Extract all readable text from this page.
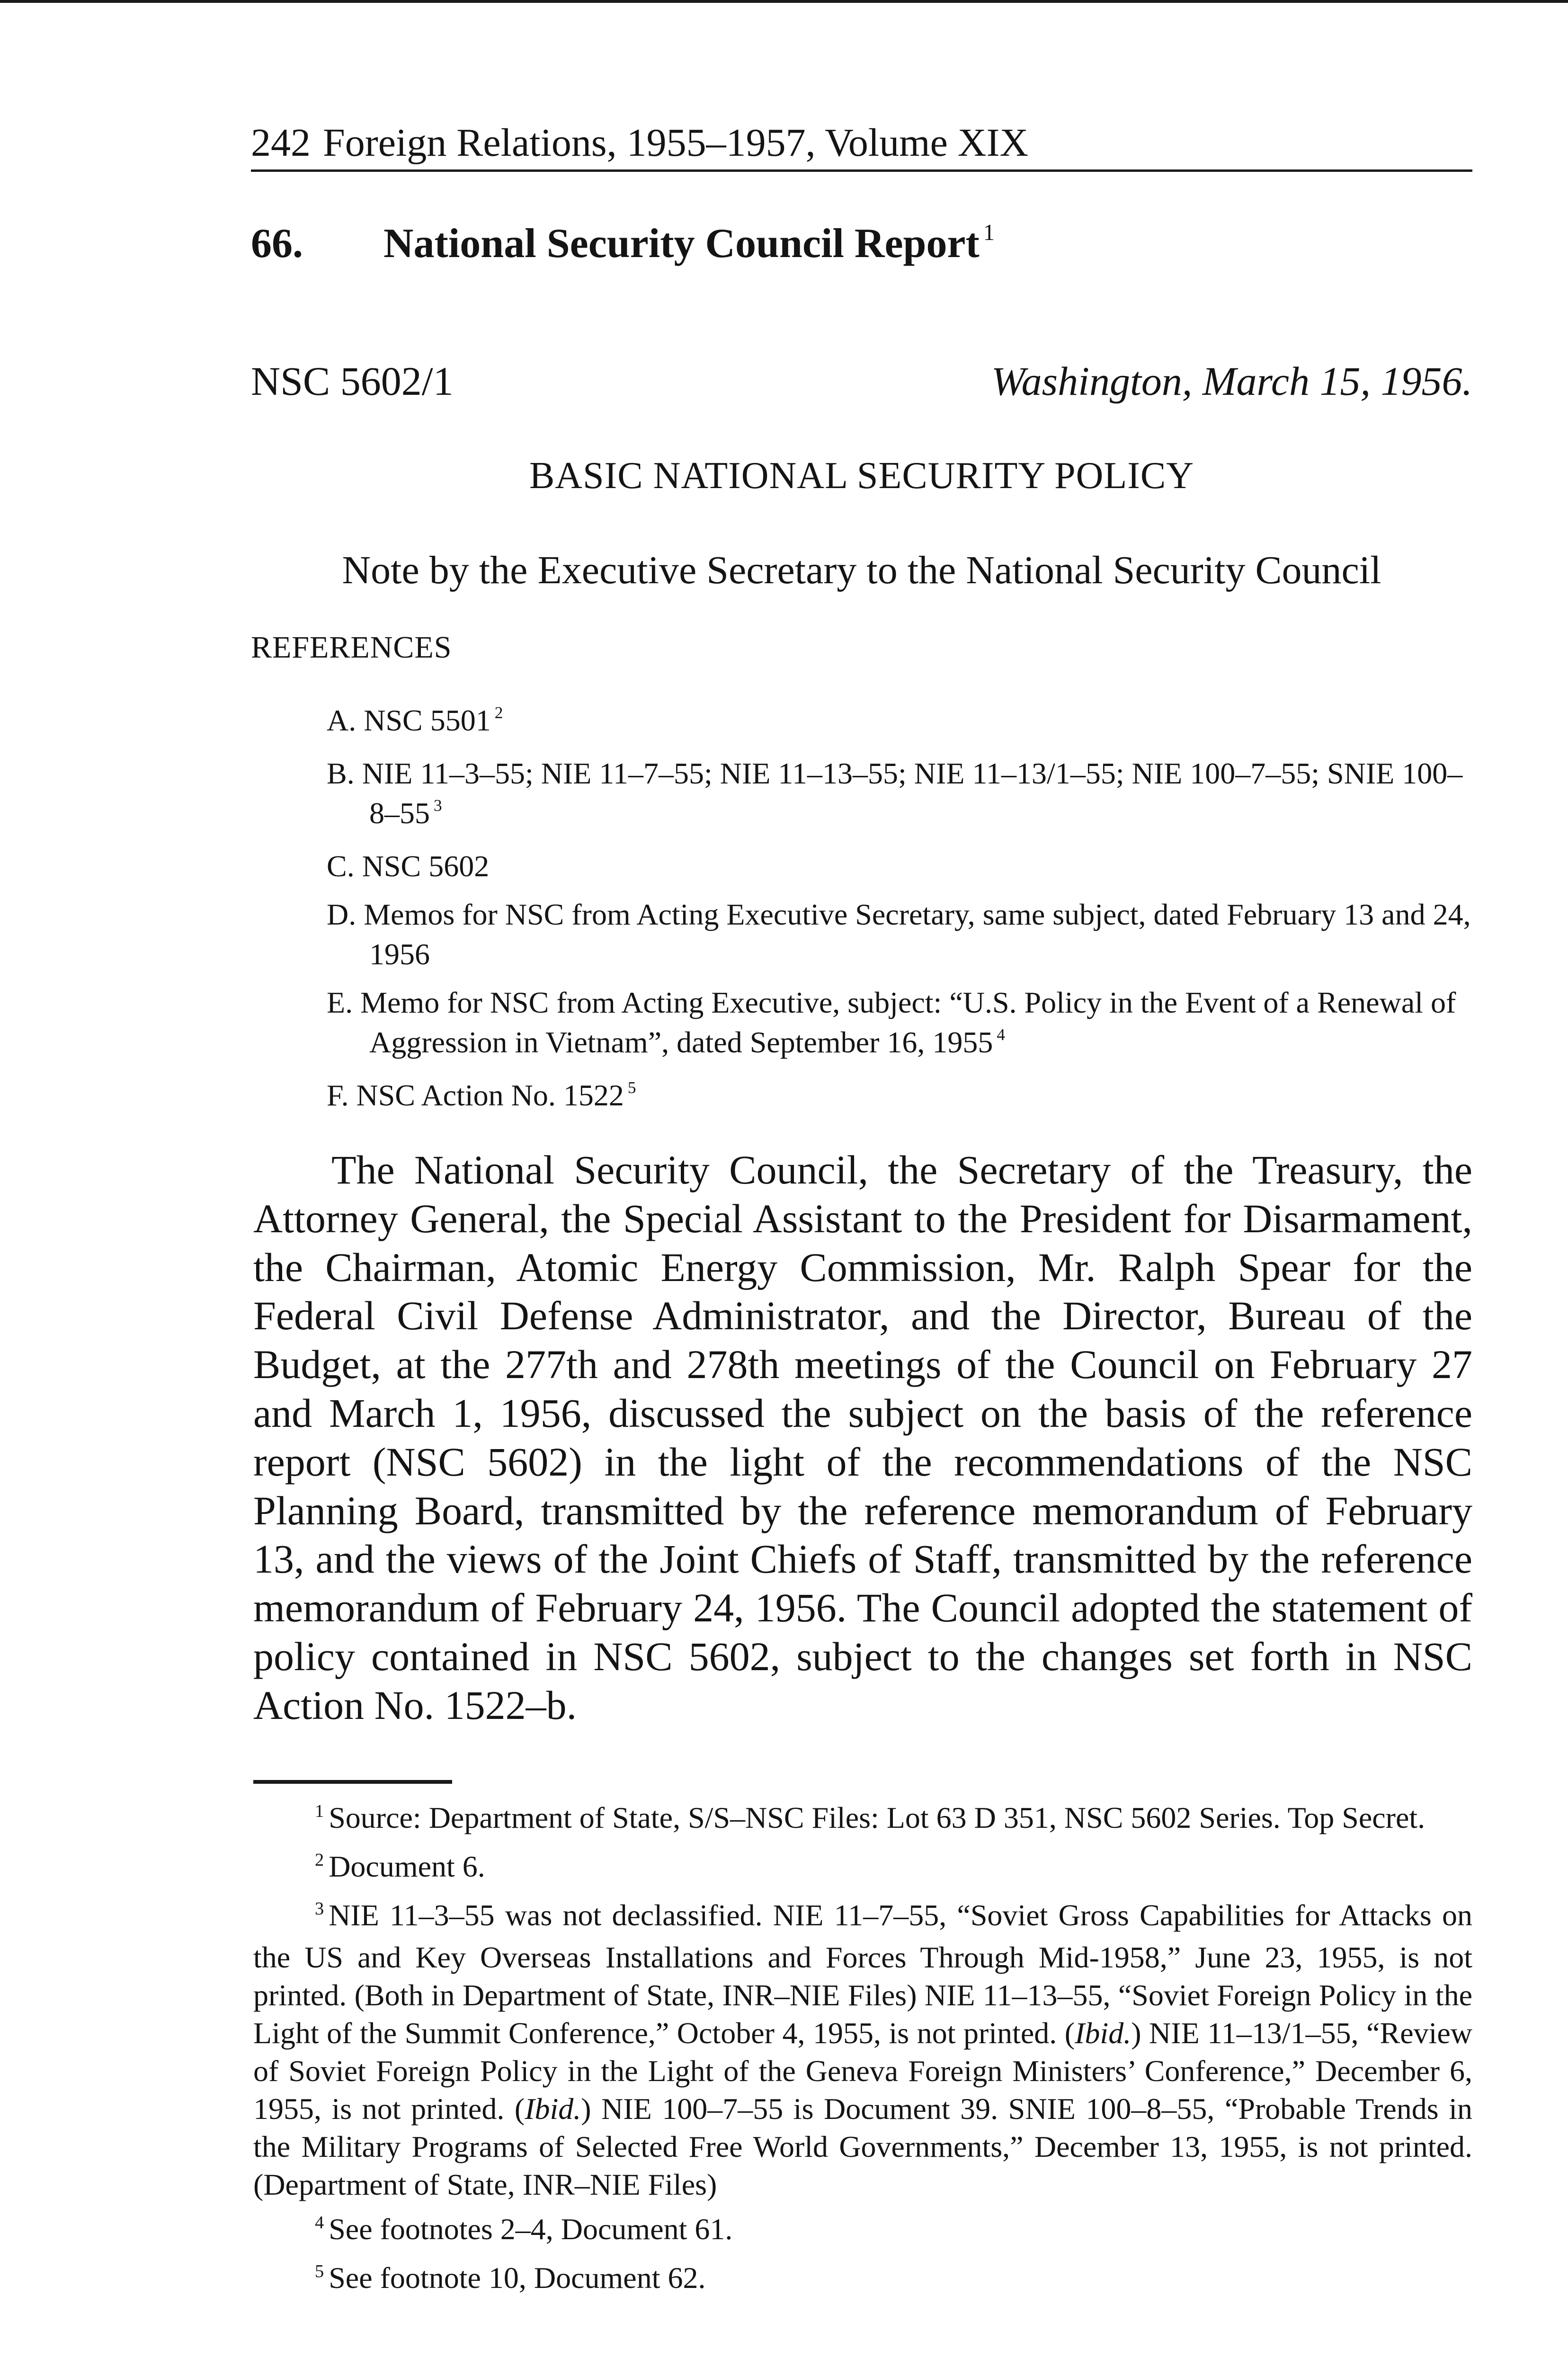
242 Foreign Relations, 1955–1957, Volume XIX
66. National Security Council Report $^1$
NSC 5602/1	Washington, March 15, 1956.
BASIC NATIONAL SECURITY POLICY
Note by the Executive Secretary to the National Security Council
REFERENCES
A. NSC 5501 $^2$
B. NIE 11–3–55; NIE 11–7–55; NIE 11–13–55; NIE 11–13/1–55; NIE 100–7–55; SNIE 100–8–55 $^3$
C. NSC 5602
D. Memos for NSC from Acting Executive Secretary, same subject, dated February 13 and 24, 1956
E. Memo for NSC from Acting Executive, subject: “U.S. Policy in the Event of a Renewal of Aggression in Vietnam”, dated September 16, 1955 $^4$
F. NSC Action No. 1522 $^5$

The National Security Council, the Secretary of the Treasury, the Attorney General, the Special Assistant to the President for Disarmament, the Chairman, Atomic Energy Commission, Mr. Ralph Spear for the Federal Civil Defense Administrator, and the Director, Bureau of the Budget, at the 277th and 278th meetings of the Council on February 27 and March 1, 1956, discussed the subject on the basis of the reference report (NSC 5602) in the light of the recommendations of the NSC Planning Board, transmitted by the reference memorandum of February 13, and the views of the Joint Chiefs of Staff, transmitted by the reference memorandum of February 24, 1956. The Council adopted the statement of policy contained in NSC 5602, subject to the changes set forth in NSC Action No. 1522–b.

$^1$ Source: Department of State, S/S–NSC Files: Lot 63 D 351, NSC 5602 Series. Top Secret.

$^2$ Document 6.

$^3$ NIE 11–3–55 was not declassified. NIE 11–7–55, “Soviet Gross Capabilities for Attacks on the US and Key Overseas Installations and Forces Through Mid-1958,” June 23, 1955, is not printed. (Both in Department of State, INR–NIE Files) NIE 11–13–55, “Soviet Foreign Policy in the Light of the Summit Conference,” October 4, 1955, is not printed. (Ibid.) NIE 11–13/1–55, “Review of Soviet Foreign Policy in the Light of the Geneva Foreign Ministers’ Conference,” December 6, 1955, is not printed. (Ibid.) NIE 100–7–55 is Document 39. SNIE 100–8–55, “Probable Trends in the Military Programs of Selected Free World Governments,” December 13, 1955, is not printed. (Department of State, INR–NIE Files)

$^4$ See footnotes 2–4, Document 61.

$^5$ See footnote 10, Document 62.
